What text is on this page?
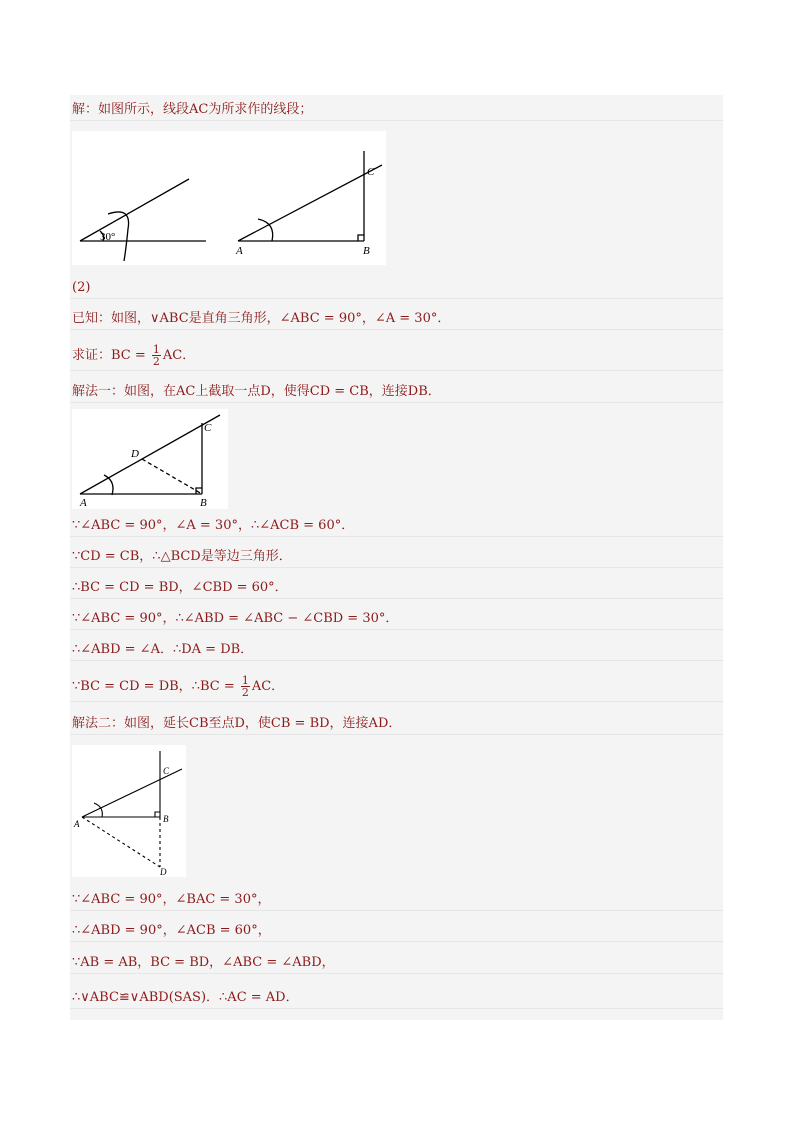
解：如图所示，线段AC为所求作的线段；
30°
A	B
C
(2)
已知：如图，∨ABC是直角三角形，∠ABC = 90°，∠A = 30°．
求证：BC = $\frac{1}{2}$ AC．
解法一：如图，在AC上截取一点D，使得CD = CB，连接DB．
A	B
C
D
∵∠ABC = 90°，∠A = 30°，∴∠ACB = 60°．
∵CD = CB，∴△BCD是等边三角形．
∴BC = CD = BD，∠CBD = 60°．
∵∠ABC = 90°，∴∠ABD = ∠ABC − ∠CBD = 30°．
∴∠ABD = ∠A．∴DA = DB．
∵BC = CD = DB，∴BC = $\frac{1}{2}$ AC．
解法二：如图，延长CB至点D，使CB = BD，连接AD．
A	B
C
D
∵∠ABC = 90°，∠BAC = 30°，
∴∠ABD = 90°，∠ACB = 60°，
∵AB = AB，BC = BD，∠ABC = ∠ABD，
∴∨ABC≌∨ABD(SAS)．∴AC = AD．
